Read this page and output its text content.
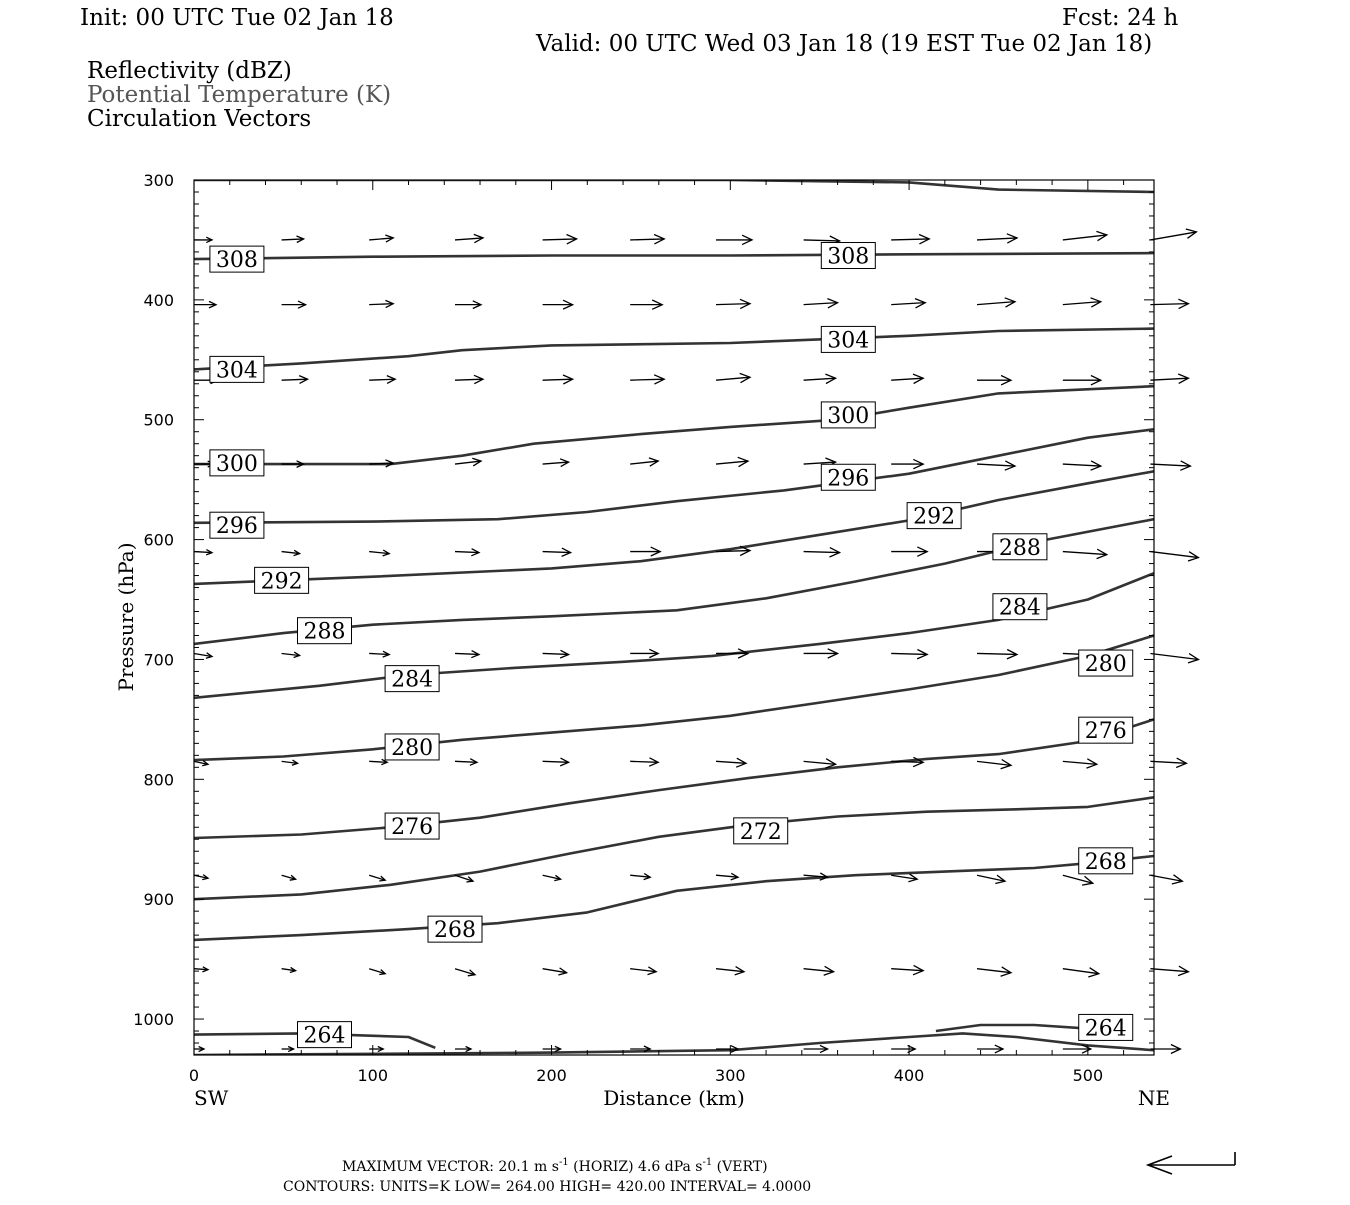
Init: 00 UTC Tue 02 Jan 18	Fcst: 24 h
Valid: 00 UTC Wed 03 Jan 18 (19 EST Tue 02 Jan 18)
Reflectivity (dBZ)
Potential Temperature (K)
Circulation Vectors
308	308
304
304
300
300
296
296	292
292
288
288
284
284
280
280
276
276	272
268
268
264	264
300
400
500
600
700
800
900
1000
0	100	200	300	400	500
Distance (km)
Pressure (hPa)
SW	NE
MAXIMUM VECTOR: 20.1 m $s^{-1}$ (HORIZ) 4.6 dPa $s^{-1}$ (VERT)
CONTOURS: UNITS=K LOW= 264.00 HIGH= 420.00 INTERVAL= 4.0000
